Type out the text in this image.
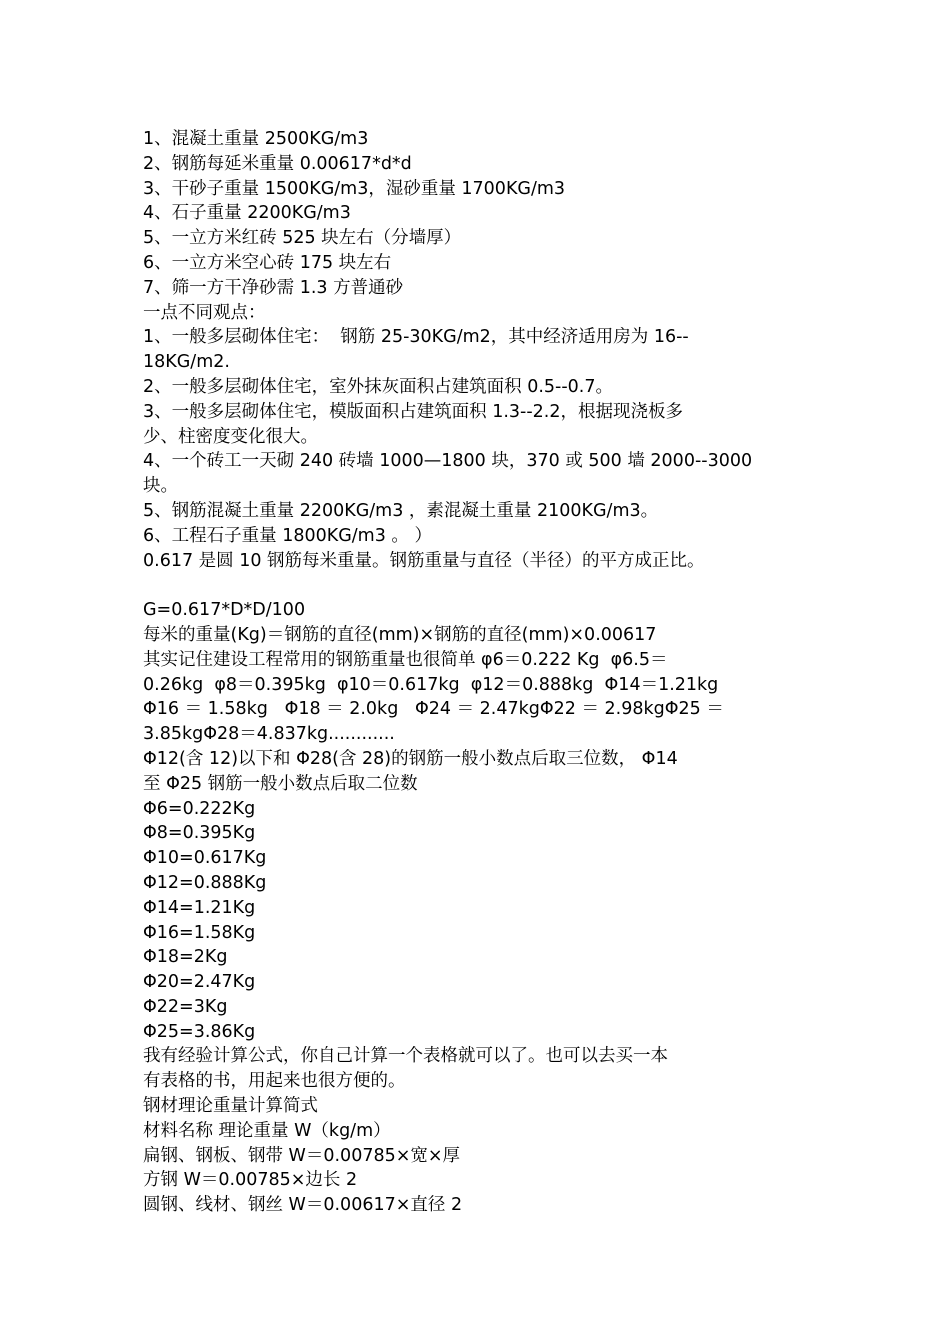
1、混凝土重量 2500KG/m3

2、钢筋每延米重量 0.00617*d*d

3、干砂子重量 1500KG/m3，湿砂重量 1700KG/m3

4、石子重量 2200KG/m3

5、一立方米红砖 525 块左右（分墙厚）

6、一立方米空心砖 175 块左右

7、筛一方干净砂需 1.3 方普通砂

一点不同观点：

1、一般多层砌体住宅：  钢筋 25-30KG/m2，其中经济适用房为 16--

18KG/m2.

2、一般多层砌体住宅，室外抹灰面积占建筑面积 0.5--0.7。

3、一般多层砌体住宅，模版面积占建筑面积 1.3--2.2，根据现浇板多

少、柱密度变化很大。

4、一个砖工一天砌 240 砖墙 1000—1800 块，370 或 500 墙 2000--3000

块。

5、钢筋混凝土重量 2200KG/m3 ，素混凝土重量 2100KG/m3。

6、工程石子重量 1800KG/m3 。 ）

0.617 是圆 10 钢筋每米重量。钢筋重量与直径（半径）的平方成正比。

G=0.617*D*D/100

每米的重量(Kg)＝钢筋的直径(mm)×钢筋的直径(mm)×0.00617

其实记住建设工程常用的钢筋重量也很简单 φ6＝0.222 Kg  φ6.5＝

0.26kg  φ8＝0.395kg  φ10＝0.617kg  φ12＝0.888kg  Φ14＝1.21kg

Φ16 ＝ 1.58kg   Φ18 ＝ 2.0kg   Φ24 ＝ 2.47kgΦ22 ＝ 2.98kgΦ25 ＝

3.85kgΦ28＝4.837kg............

Φ12(含 12)以下和 Φ28(含 28)的钢筋一般小数点后取三位数， Φ14

至 Φ25 钢筋一般小数点后取二位数

Φ6=0.222Kg

Φ8=0.395Kg

Φ10=0.617Kg

Φ12=0.888Kg

Φ14=1.21Kg

Φ16=1.58Kg

Φ18=2Kg

Φ20=2.47Kg

Φ22=3Kg

Φ25=3.86Kg

我有经验计算公式，你自己计算一个表格就可以了。也可以去买一本

有表格的书，用起来也很方便的。

钢材理论重量计算简式

材料名称 理论重量 W（kg/m）

扁钢、钢板、钢带 W＝0.00785×宽×厚

方钢 W＝0.00785×边长 2

圆钢、线材、钢丝 W＝0.00617×直径 2
